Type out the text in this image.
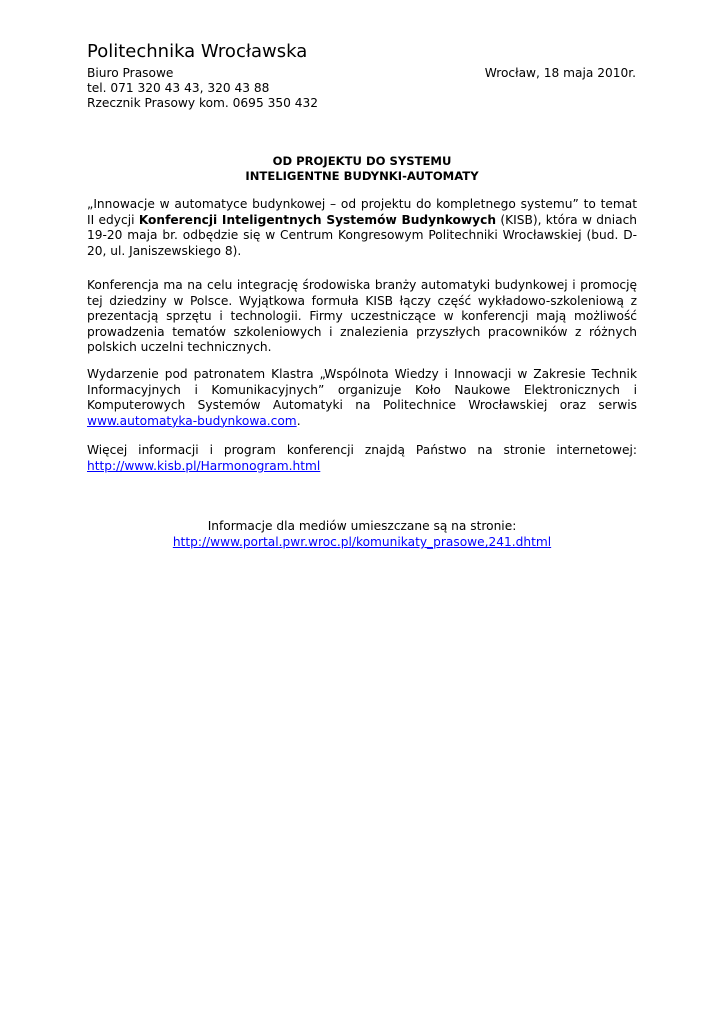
Politechnika Wrocławska
Biuro Prasowe
tel. 071 320 43 43, 320 43 88
Rzecznik Prasowy kom. 0695 350 432
Wrocław, 18 maja 2010r.
OD PROJEKTU DO SYSTEMU
INTELIGENTNE BUDYNKI-AUTOMATY

„Innowacje w automatyce budynkowej – od projektu do kompletnego systemu” to temat II edycji Konferencji Inteligentnych Systemów Budynkowych (KISB), która w dniach 19-20 maja br. odbędzie się w Centrum Kongresowym Politechniki Wrocławskiej (bud. D-20, ul. Janiszewskiego 8).

Konferencja ma na celu integrację środowiska branży automatyki budynkowej i promocję tej dziedziny w Polsce. Wyjątkowa formuła KISB łączy część wykładowo-szkoleniową z prezentacją sprzętu i technologii. Firmy uczestniczące w konferencji mają możliwość prowadzenia tematów szkoleniowych i znalezienia przyszłych pracowników z różnych polskich uczelni technicznych.

Wydarzenie pod patronatem Klastra „Wspólnota Wiedzy i Innowacji w Zakresie Technik Informacyjnych i Komunikacyjnych” organizuje Koło Naukowe Elektronicznych i Komputerowych Systemów Automatyki na Politechnice Wrocławskiej oraz serwis www.automatyka-budynkowa.com.

Więcej informacji i program konferencji znajdą Państwo na stronie internetowej: http://www.kisb.pl/Harmonogram.html

Informacje dla mediów umieszczane są na stronie:
http://www.portal.pwr.wroc.pl/komunikaty_prasowe,241.dhtml
